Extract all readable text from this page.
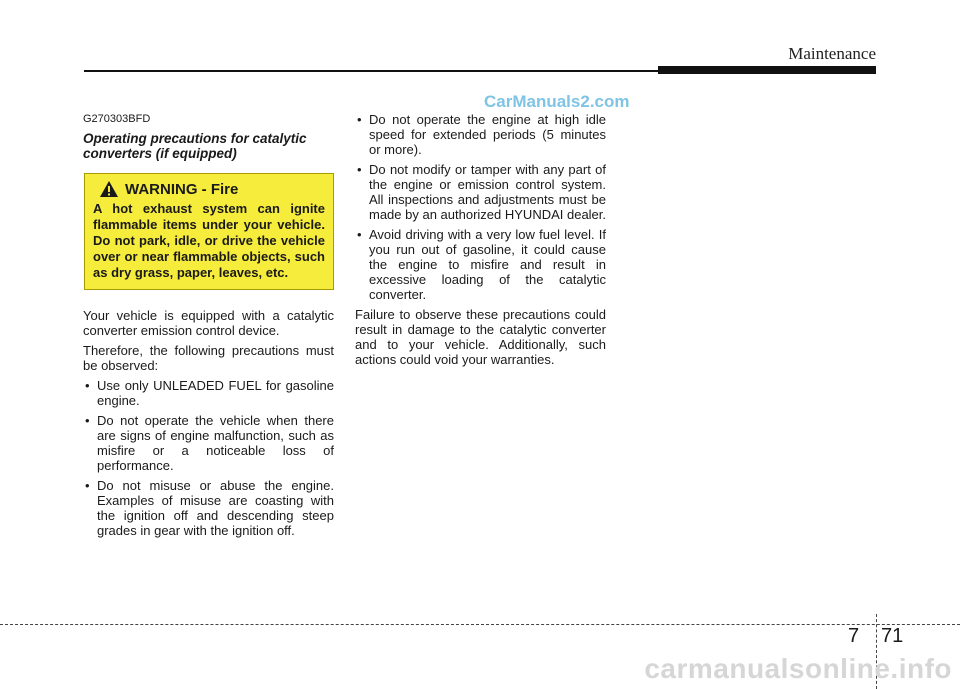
Maintenance
CarManuals2.com
G270303BFD
Operating precautions for catalytic converters (if equipped)
WARNING - Fire
A hot exhaust system can ignite flammable items under your vehicle. Do not park, idle, or drive the vehicle over or near flammable objects, such as dry grass, paper, leaves, etc.

Your vehicle is equipped with a catalytic converter emission control device.

Therefore, the following precautions must be observed:

• Use only UNLEADED FUEL for gasoline engine.
• Do not operate the vehicle when there are signs of engine malfunction, such as misfire or a noticeable loss of performance.
• Do not misuse or abuse the engine. Examples of misuse are coasting with the ignition off and descending steep grades in gear with the ignition off.
• Do not operate the engine at high idle speed for extended periods (5 minutes or more).
• Do not modify or tamper with any part of the engine or emission control system. All inspections and adjustments must be made by an authorized HYUNDAI dealer.
• Avoid driving with a very low fuel level. If you run out of gasoline, it could cause the engine to misfire and result in excessive loading of the catalytic converter.

Failure to observe these precautions could result in damage to the catalytic converter and to your vehicle. Additionally, such actions could void your warranties.

7 71
carmanualsonline.info
